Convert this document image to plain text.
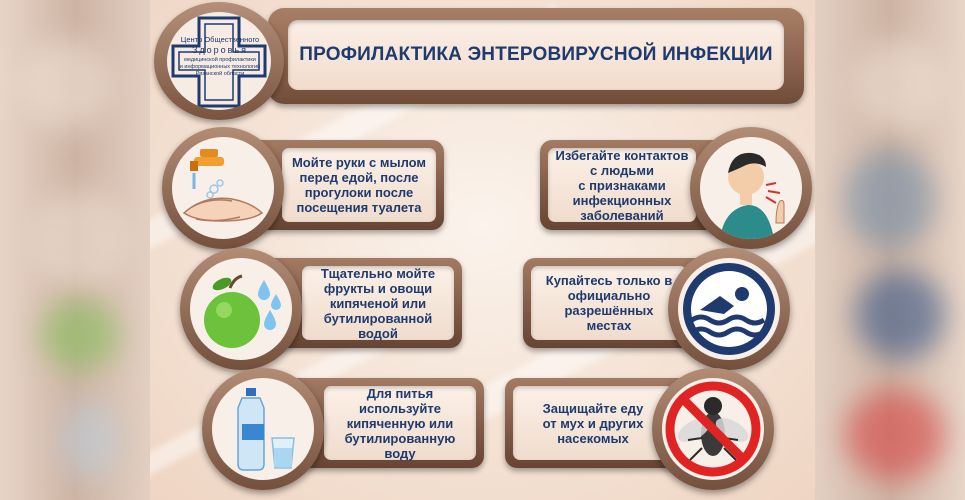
ПРОФИЛАКТИКА ЭНТЕРОВИРУСНОЙ ИНФЕКЦИИ
Центр Общественного
Здоровья
медицинской профилактики
и информационных технологий
Рязанской области
Мойте руки с мылом
перед едой, после
прогулоки после
посещения туалета
Избегайте контактов
с людьми
с признаками
инфекционных
заболеваний
Тщательно мойте
фрукты и овощи
кипяченой или
бутилированной
водой
Купайтесь только в
официально
разрешённых
местах
Для питья
используйте
кипяченную или
бутилированную
воду
Защищайте еду
от мух и других
насекомых
